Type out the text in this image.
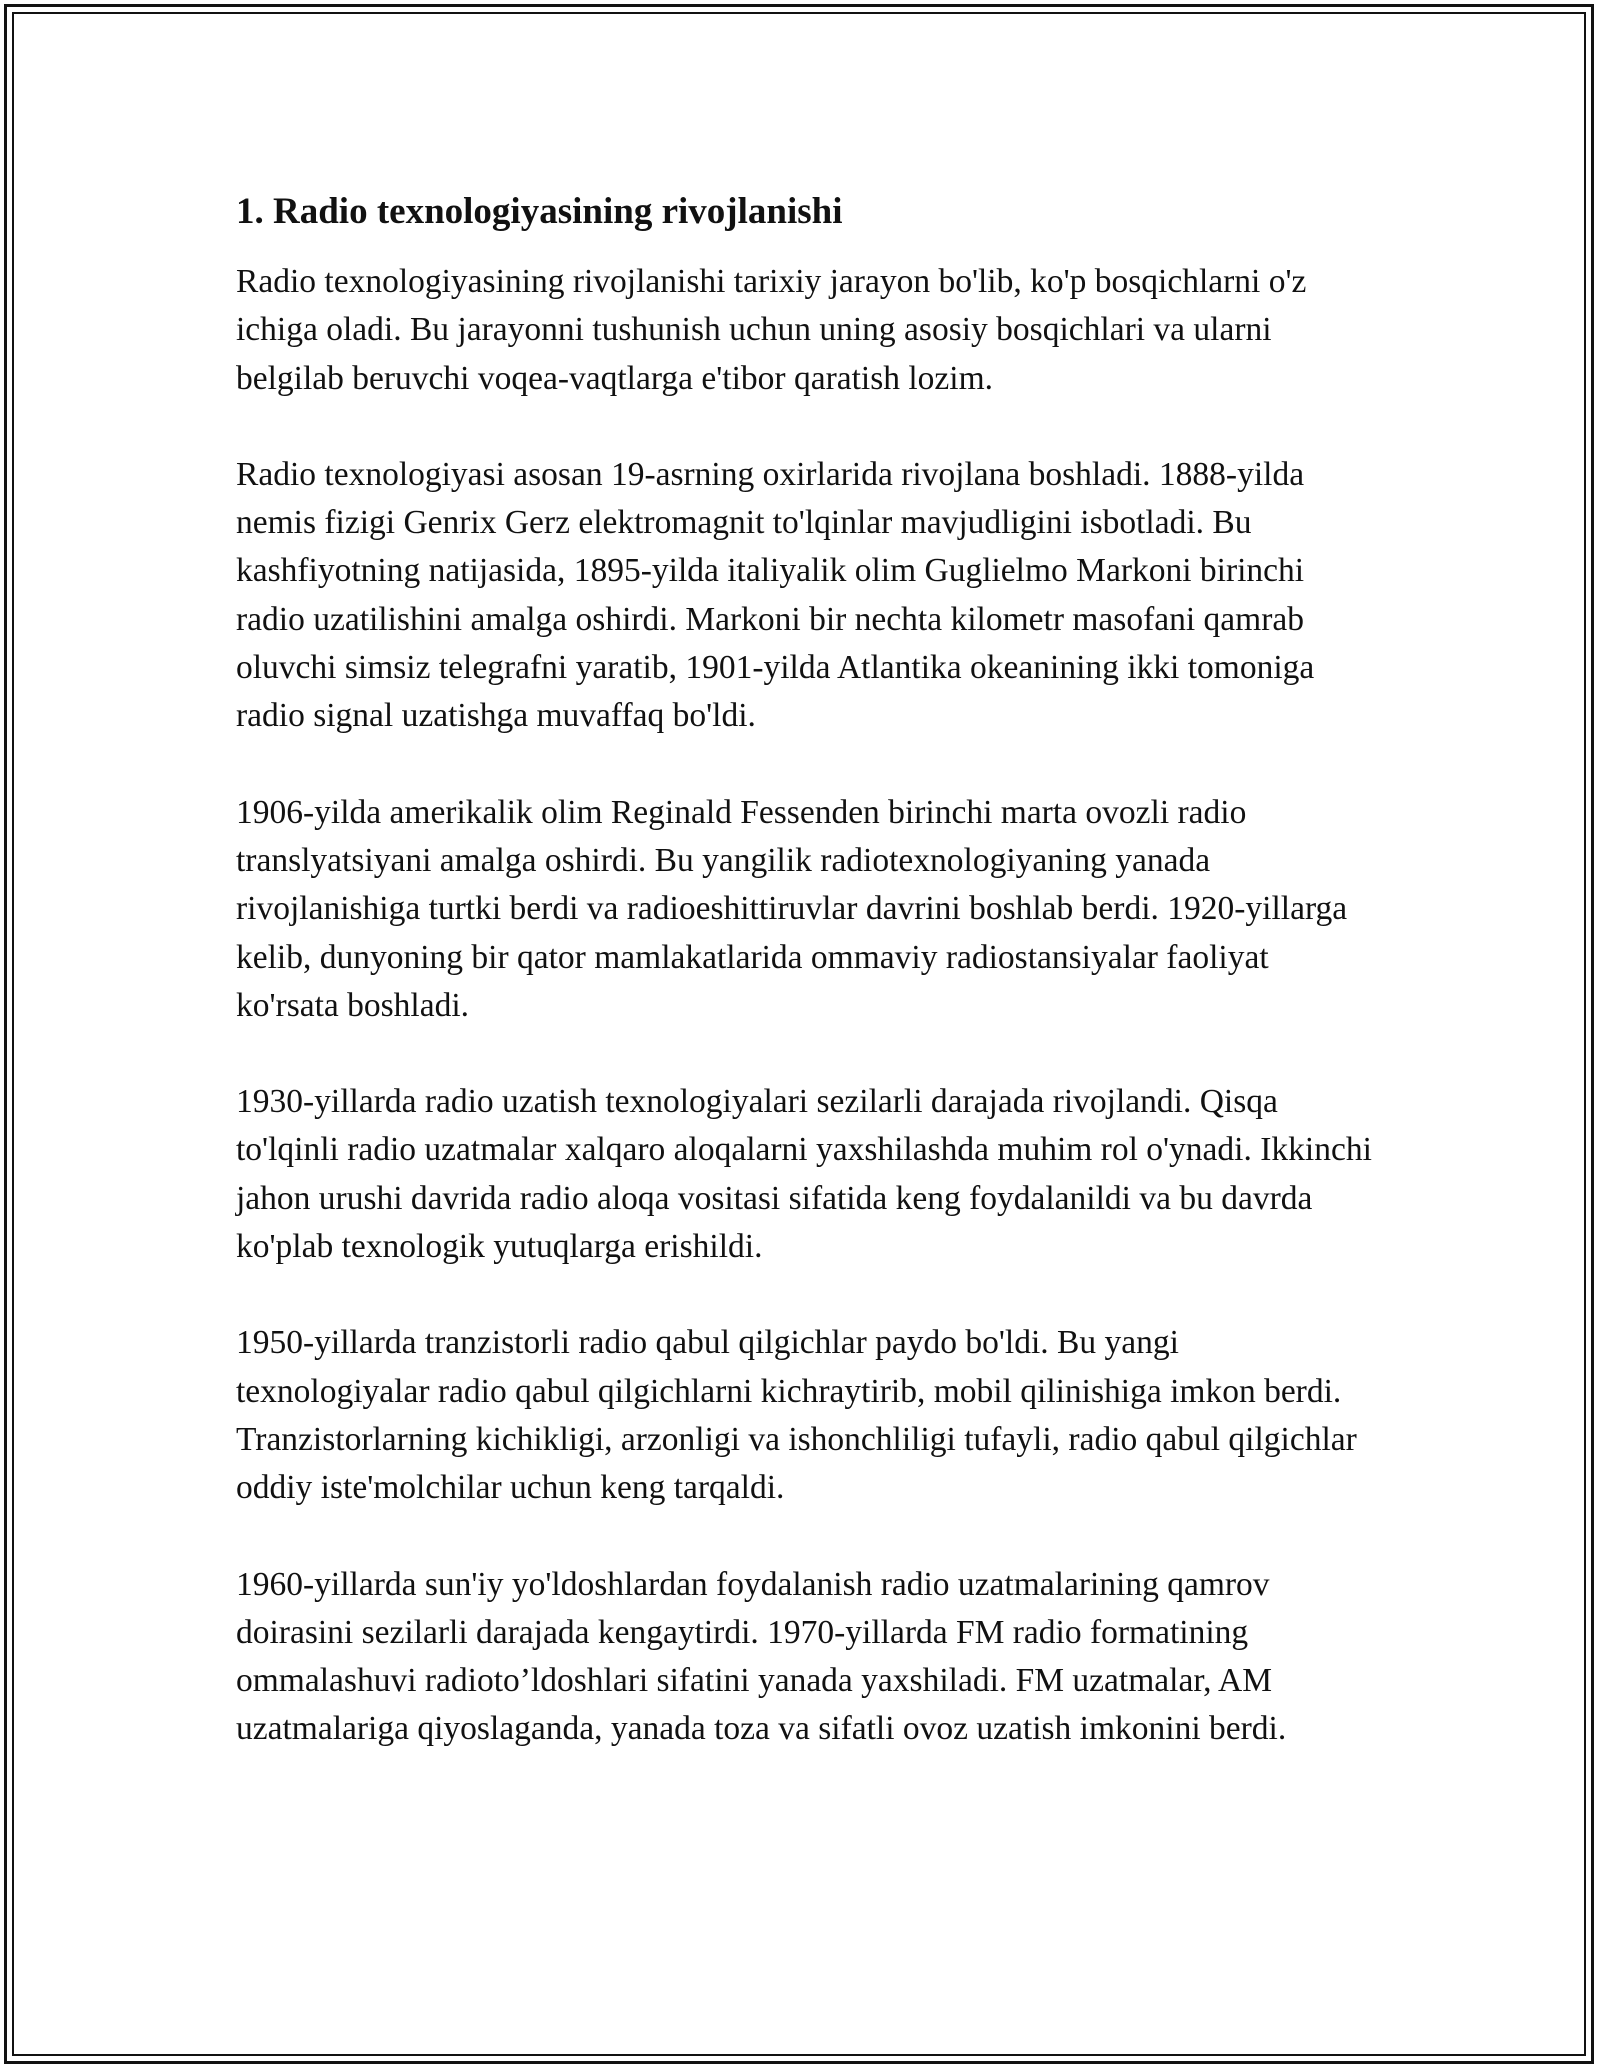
1. Radio texnologiyasining rivojlanishi

Radio texnologiyasining rivojlanishi tarixiy jarayon bo'lib, ko'p bosqichlarni o'z ichiga oladi. Bu jarayonni tushunish uchun uning asosiy bosqichlari va ularni belgilab beruvchi voqea-vaqtlarga e'tibor qaratish lozim.

Radio texnologiyasi asosan 19-asrning oxirlarida rivojlana boshladi. 1888-yilda nemis fizigi Genrix Gerz elektromagnit to'lqinlar mavjudligini isbotladi. Bu kashfiyotning natijasida, 1895-yilda italiyalik olim Guglielmo Markoni birinchi radio uzatilishini amalga oshirdi. Markoni bir nechta kilometr masofani qamrab oluvchi simsiz telegrafni yaratib, 1901-yilda Atlantika okeanining ikki tomoniga radio signal uzatishga muvaffaq bo'ldi.

1906-yilda amerikalik olim Reginald Fessenden birinchi marta ovozli radio translyatsiyani amalga oshirdi. Bu yangilik radiotexnologiyaning yanada rivojlanishiga turtki berdi va radioeshittiruvlar davrini boshlab berdi. 1920-yillarga kelib, dunyoning bir qator mamlakatlarida ommaviy radiostansiyalar faoliyat ko'rsata boshladi.

1930-yillarda radio uzatish texnologiyalari sezilarli darajada rivojlandi. Qisqa to'lqinli radio uzatmalar xalqaro aloqalarni yaxshilashda muhim rol o'ynadi. Ikkinchi jahon urushi davrida radio aloqa vositasi sifatida keng foydalanildi va bu davrda ko'plab texnologik yutuqlarga erishildi.

1950-yillarda tranzistorli radio qabul qilgichlar paydo bo'ldi. Bu yangi texnologiyalar radio qabul qilgichlarni kichraytirib, mobil qilinishiga imkon berdi. Tranzistorlarning kichikligi, arzonligi va ishonchliligi tufayli, radio qabul qilgichlar oddiy iste'molchilar uchun keng tarqaldi.

1960-yillarda sun'iy yo'ldoshlardan foydalanish radio uzatmalarining qamrov doirasini sezilarli darajada kengaytirdi. 1970-yillarda FM radio formatining ommalashuvi radioto’ldoshlari sifatini yanada yaxshiladi. FM uzatmalar, AM uzatmalariga qiyoslaganda, yanada toza va sifatli ovoz uzatish imkonini berdi.
